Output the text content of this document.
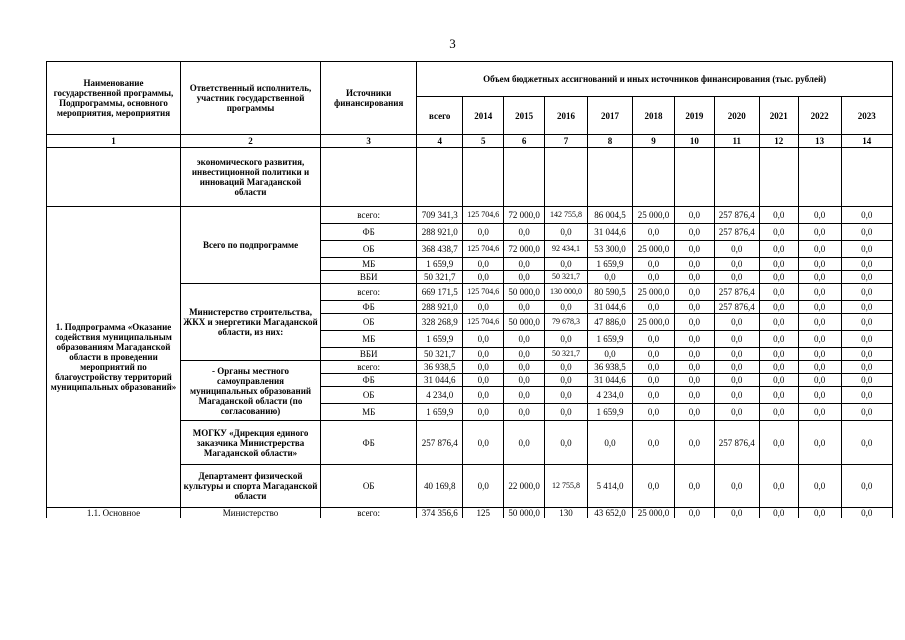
3
Наименование государственной программы, Подпрограммы, основного мероприятия, мероприятия	Ответственный исполнитель, участник государственной программы	Источники финансирования	Объем бюджетных ассигнований и иных источников финансирования (тыс. рублей)										
			всего	2014	2015	2016	2017	2018	2019	2020	2021	2022	2023
1	2	3	4	5	6	7	8	9	10	11	12	13	14
	экономического развития, инвестиционной политики и инноваций Магаданской области												
1. Подпрограмма «Оказание содействия муниципальным образованиям Магаданской области в проведении мероприятий по благоустройству территорий муниципальных образований»	Всего по подпрограмме	всего:	709 341,3	125 704,6	72 000,0	142 755,8	86 004,5	25 000,0	0,0	257 876,4	0,0	0,0	0,0
		ФБ	288 921,0	0,0	0,0	0,0	31 044,6	0,0	0,0	257 876,4	0,0	0,0	0,0
		ОБ	368 438,7	125 704,6	72 000,0	92 434,1	53 300,0	25 000,0	0,0	0,0	0,0	0,0	0,0
		МБ	1 659,9	0,0	0,0	0,0	1 659,9	0,0	0,0	0,0	0,0	0,0	0,0
		ВБИ	50 321,7	0,0	0,0	50 321,7	0,0	0,0	0,0	0,0	0,0	0,0	0,0
	Министерство строительства, ЖКХ и энергетики Магаданской области, из них:	всего:	669 171,5	125 704,6	50 000,0	130 000,0	80 590,5	25 000,0	0,0	257 876,4	0,0	0,0	0,0
		ФБ	288 921,0	0,0	0,0	0,0	31 044,6	0,0	0,0	257 876,4	0,0	0,0	0,0
		ОБ	328 268,9	125 704,6	50 000,0	79 678,3	47 886,0	25 000,0	0,0	0,0	0,0	0,0	0,0
		МБ	1 659,9	0,0	0,0	0,0	1 659,9	0,0	0,0	0,0	0,0	0,0	0,0
		ВБИ	50 321,7	0,0	0,0	50 321,7	0,0	0,0	0,0	0,0	0,0	0,0	0,0
	- Органы местного самоуправления муниципальных образований Магаданской области (по согласованию)	всего:	36 938,5	0,0	0,0	0,0	36 938,5	0,0	0,0	0,0	0,0	0,0	0,0
		ФБ	31 044,6	0,0	0,0	0,0	31 044,6	0,0	0,0	0,0	0,0	0,0	0,0
		ОБ	4 234,0	0,0	0,0	0,0	4 234,0	0,0	0,0	0,0	0,0	0,0	0,0
		МБ	1 659,9	0,0	0,0	0,0	1 659,9	0,0	0,0	0,0	0,0	0,0	0,0
	МОГКУ «Дирекция единого заказчика Министрерства Магаданской области»	ФБ	257 876,4	0,0	0,0	0,0	0,0	0,0	0,0	257 876,4	0,0	0,0	0,0
	Департамент физической культуры и спорта Магаданской области	ОБ	40 169,8	0,0	22 000,0	12 755,8	5 414,0	0,0	0,0	0,0	0,0	0,0	0,0
1.1. Основное	Министерство	всего:	374 356,6	125	50 000,0	130	43 652,0	25 000,0	0,0	0,0	0,0	0,0	0,0
